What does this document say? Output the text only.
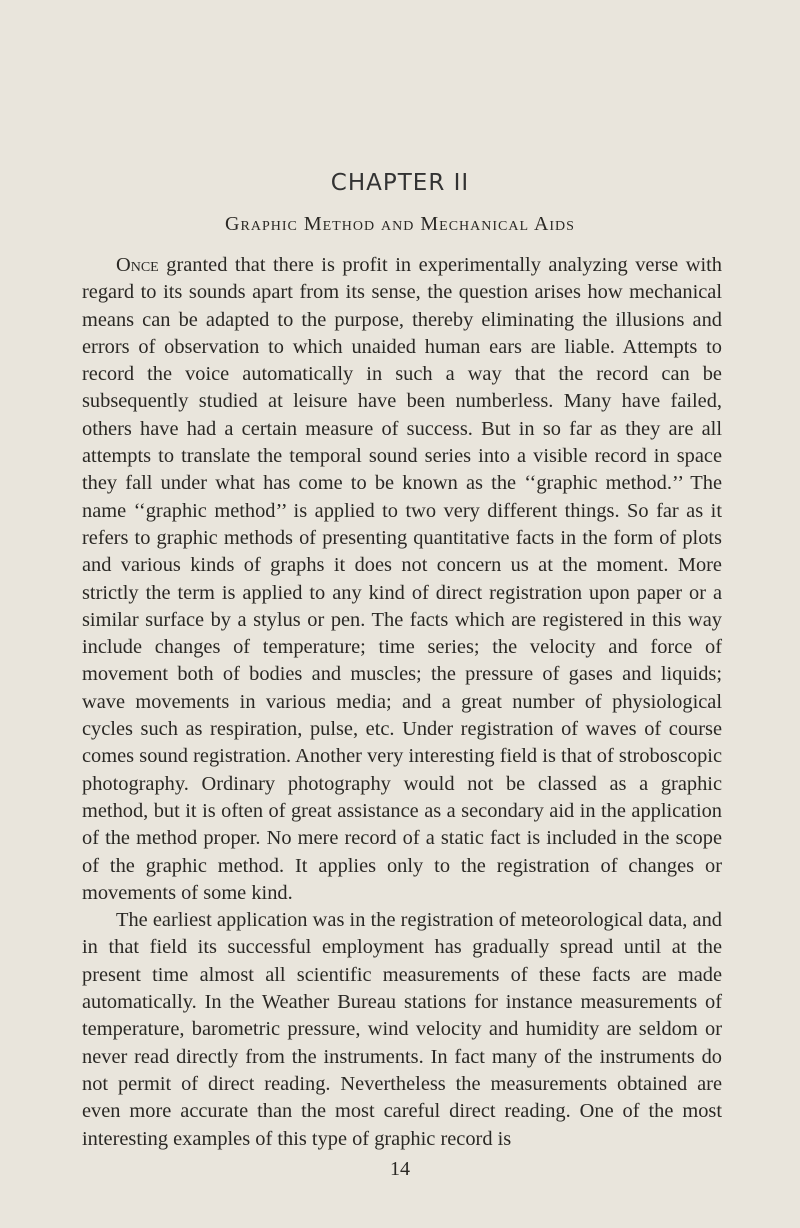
CHAPTER II
Graphic Method and Mechanical Aids

Once granted that there is profit in experimentally analyzing verse with regard to its sounds apart from its sense, the question arises how mechanical means can be adapted to the purpose, thereby eliminating the illusions and errors of observation to which unaided human ears are liable. Attempts to record the voice automatically in such a way that the record can be subsequently studied at leisure have been numberless. Many have failed, others have had a certain measure of success. But in so far as they are all attempts to translate the temporal sound series into a visible record in space they fall under what has come to be known as the ‘‘graphic method.’’ The name ‘‘graphic method’’ is applied to two very different things. So far as it refers to graphic methods of presenting quantitative facts in the form of plots and various kinds of graphs it does not concern us at the moment. More strictly the term is applied to any kind of direct registration upon paper or a similar surface by a stylus or pen. The facts which are registered in this way include changes of temperature; time series; the velocity and force of movement both of bodies and muscles; the pressure of gases and liquids; wave movements in various media; and a great number of physiological cycles such as respiration, pulse, etc. Under registration of waves of course comes sound registration. Another very interesting field is that of stroboscopic photography. Ordinary photography would not be classed as a graphic method, but it is often of great assistance as a secondary aid in the application of the method proper. No mere record of a static fact is included in the scope of the graphic method. It applies only to the registration of changes or movements of some kind.

The earliest application was in the registration of meteorological data, and in that field its successful employment has gradually spread until at the present time almost all scientific measurements of these facts are made automatically. In the Weather Bureau stations for instance measurements of temperature, barometric pressure, wind velocity and humidity are seldom or never read directly from the instruments. In fact many of the instruments do not permit of direct reading. Nevertheless the measurements obtained are even more accurate than the most careful direct reading. One of the most interesting examples of this type of graphic record is

14
